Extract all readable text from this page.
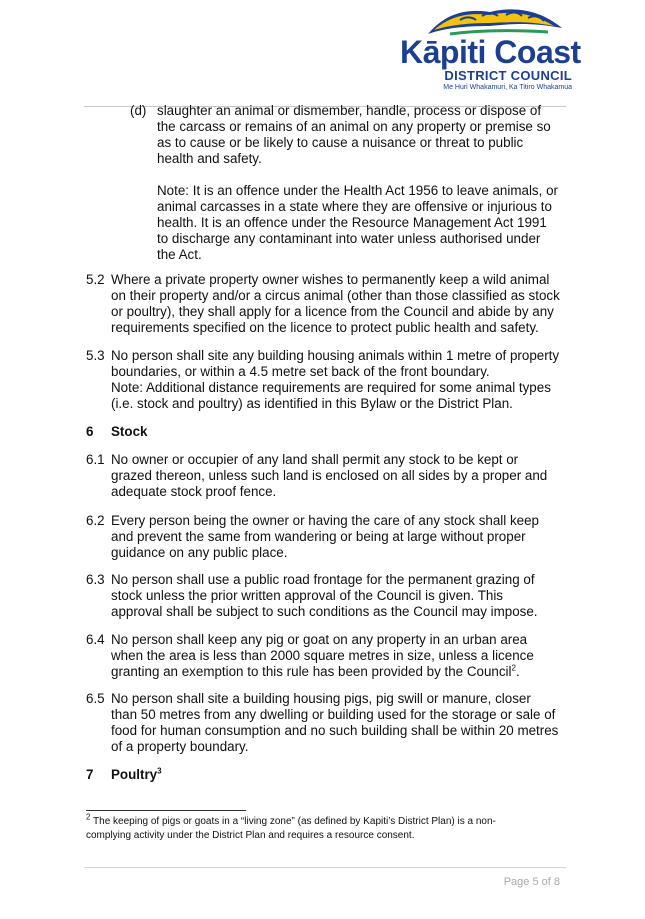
Kāpiti Coast
DISTRICT COUNCIL
Me Huri Whakamuri, Ka Titiro Whakamua
(d) slaughter an animal or dismember, handle, process or dispose of
the carcass or remains of an animal on any property or premise so
as to cause or be likely to cause a nuisance or threat to public
health and safety.
Note: It is an offence under the Health Act 1956 to leave animals, or
animal carcasses in a state where they are offensive or injurious to
health. It is an offence under the Resource Management Act 1991
to discharge any contaminant into water unless authorised under
the Act.
5.2 Where a private property owner wishes to permanently keep a wild animal
on their property and/or a circus animal (other than those classified as stock
or poultry), they shall apply for a licence from the Council and abide by any
requirements specified on the licence to protect public health and safety.
5.3 No person shall site any building housing animals within 1 metre of property
boundaries, or within a 4.5 metre set back of the front boundary.
Note: Additional distance requirements are required for some animal types
(i.e. stock and poultry) as identified in this Bylaw or the District Plan.
6 Stock
6.1 No owner or occupier of any land shall permit any stock to be kept or
grazed thereon, unless such land is enclosed on all sides by a proper and
adequate stock proof fence.
6.2 Every person being the owner or having the care of any stock shall keep
and prevent the same from wandering or being at large without proper
guidance on any public place.
6.3 No person shall use a public road frontage for the permanent grazing of
stock unless the prior written approval of the Council is given. This
approval shall be subject to such conditions as the Council may impose.
6.4 No person shall keep any pig or goat on any property in an urban area
when the area is less than 2000 square metres in size, unless a licence
granting an exemption to this rule has been provided by the Council$^2$.
6.5 No person shall site a building housing pigs, pig swill or manure, closer
than 50 metres from any dwelling or building used for the storage or sale of
food for human consumption and no such building shall be within 20 metres
of a property boundary.
7 Poultry$^3$
$^2$ The keeping of pigs or goats in a “living zone” (as defined by Kapiti’s District Plan) is a non-
complying activity under the District Plan and requires a resource consent.
Page 5 of 8
